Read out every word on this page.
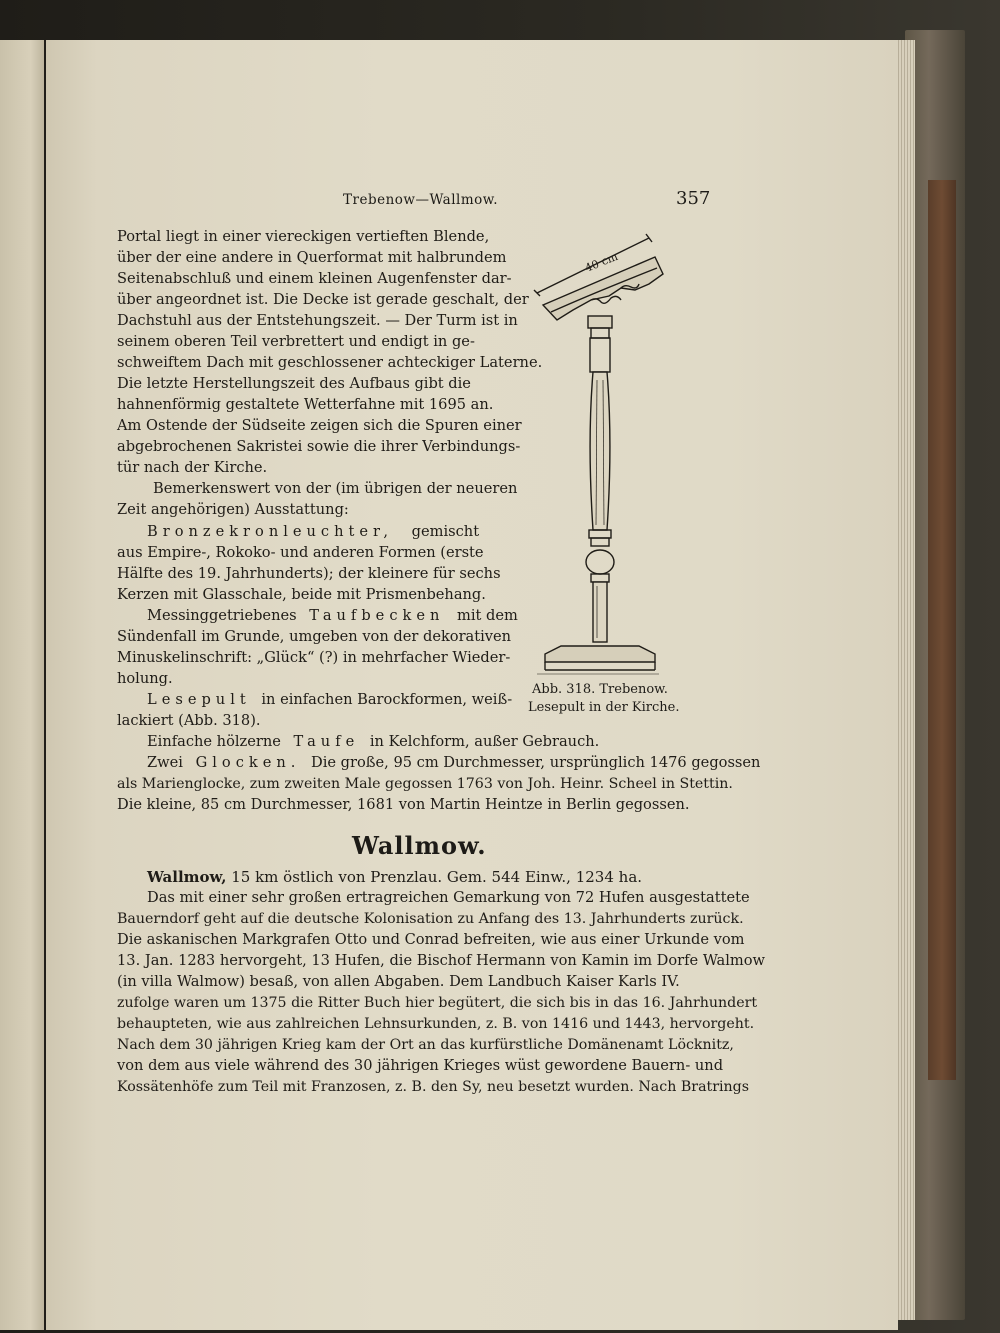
Trebenow—Wallmow.	357
Portal liegt in einer viereckigen vertieften Blende,
über der eine andere in Querformat mit halbrundem
Seitenabschluß und einem kleinen Augenfenster dar-
über angeordnet ist. Die Decke ist gerade geschalt, der
Dachstuhl aus der Entstehungszeit. — Der Turm ist in
seinem oberen Teil verbrettert und endigt in ge-
schweiftem Dach mit geschlossener achteckiger Laterne.
Die letzte Herstellungszeit des Aufbaus gibt die
hahnenförmig gestaltete Wetterfahne mit 1695 an.
Am Ostende der Südseite zeigen sich die Spuren einer
abgebrochenen Sakristei sowie die ihrer Verbindungs-
tür nach der Kirche.
Bemerkenswert von der (im übrigen der neueren
Zeit angehörigen) Ausstattung:
Bronzekronleuchter, gemischt
aus Empire-, Rokoko- und anderen Formen (erste
Hälfte des 19. Jahrhunderts); der kleinere für sechs
Kerzen mit Glasschale, beide mit Prismenbehang.
Messinggetriebenes Taufbecken mit dem
Sündenfall im Grunde, umgeben von der dekorativen
Minuskelinschrift: „Glück“ (?) in mehrfacher Wieder-
holung.
Lesepult in einfachen Barockformen, weiß-
lackiert (Abb. 318).
Einfache hölzerne Taufe in Kelchform, außer Gebrauch.
Zwei Glocken. Die große, 95 cm Durchmesser, ursprünglich 1476 gegossen
als Marienglocke, zum zweiten Male gegossen 1763 von Joh. Heinr. Scheel in Stettin.
Die kleine, 85 cm Durchmesser, 1681 von Martin Heintze in Berlin gegossen.
40 cm
Abb. 318. Trebenow.
Lesepult in der Kirche.
Wallmow.
Wallmow, 15 km östlich von Prenzlau. Gem. 544 Einw., 1234 ha.
Das mit einer sehr großen ertragreichen Gemarkung von 72 Hufen ausgestattete
Bauerndorf geht auf die deutsche Kolonisation zu Anfang des 13. Jahrhunderts zurück.
Die askanischen Markgrafen Otto und Conrad befreiten, wie aus einer Urkunde vom
13. Jan. 1283 hervorgeht, 13 Hufen, die Bischof Hermann von Kamin im Dorfe Walmow
(in villa Walmow) besaß, von allen Abgaben. Dem Landbuch Kaiser Karls IV.
zufolge waren um 1375 die Ritter Buch hier begütert, die sich bis in das 16. Jahrhundert
behaupteten, wie aus zahlreichen Lehnsurkunden, z. B. von 1416 und 1443, hervorgeht.
Nach dem 30 jährigen Krieg kam der Ort an das kurfürstliche Domänenamt Löcknitz,
von dem aus viele während des 30 jährigen Krieges wüst gewordene Bauern- und
Kossätenhöfe zum Teil mit Franzosen, z. B. den Sy, neu besetzt wurden. Nach Bratrings
